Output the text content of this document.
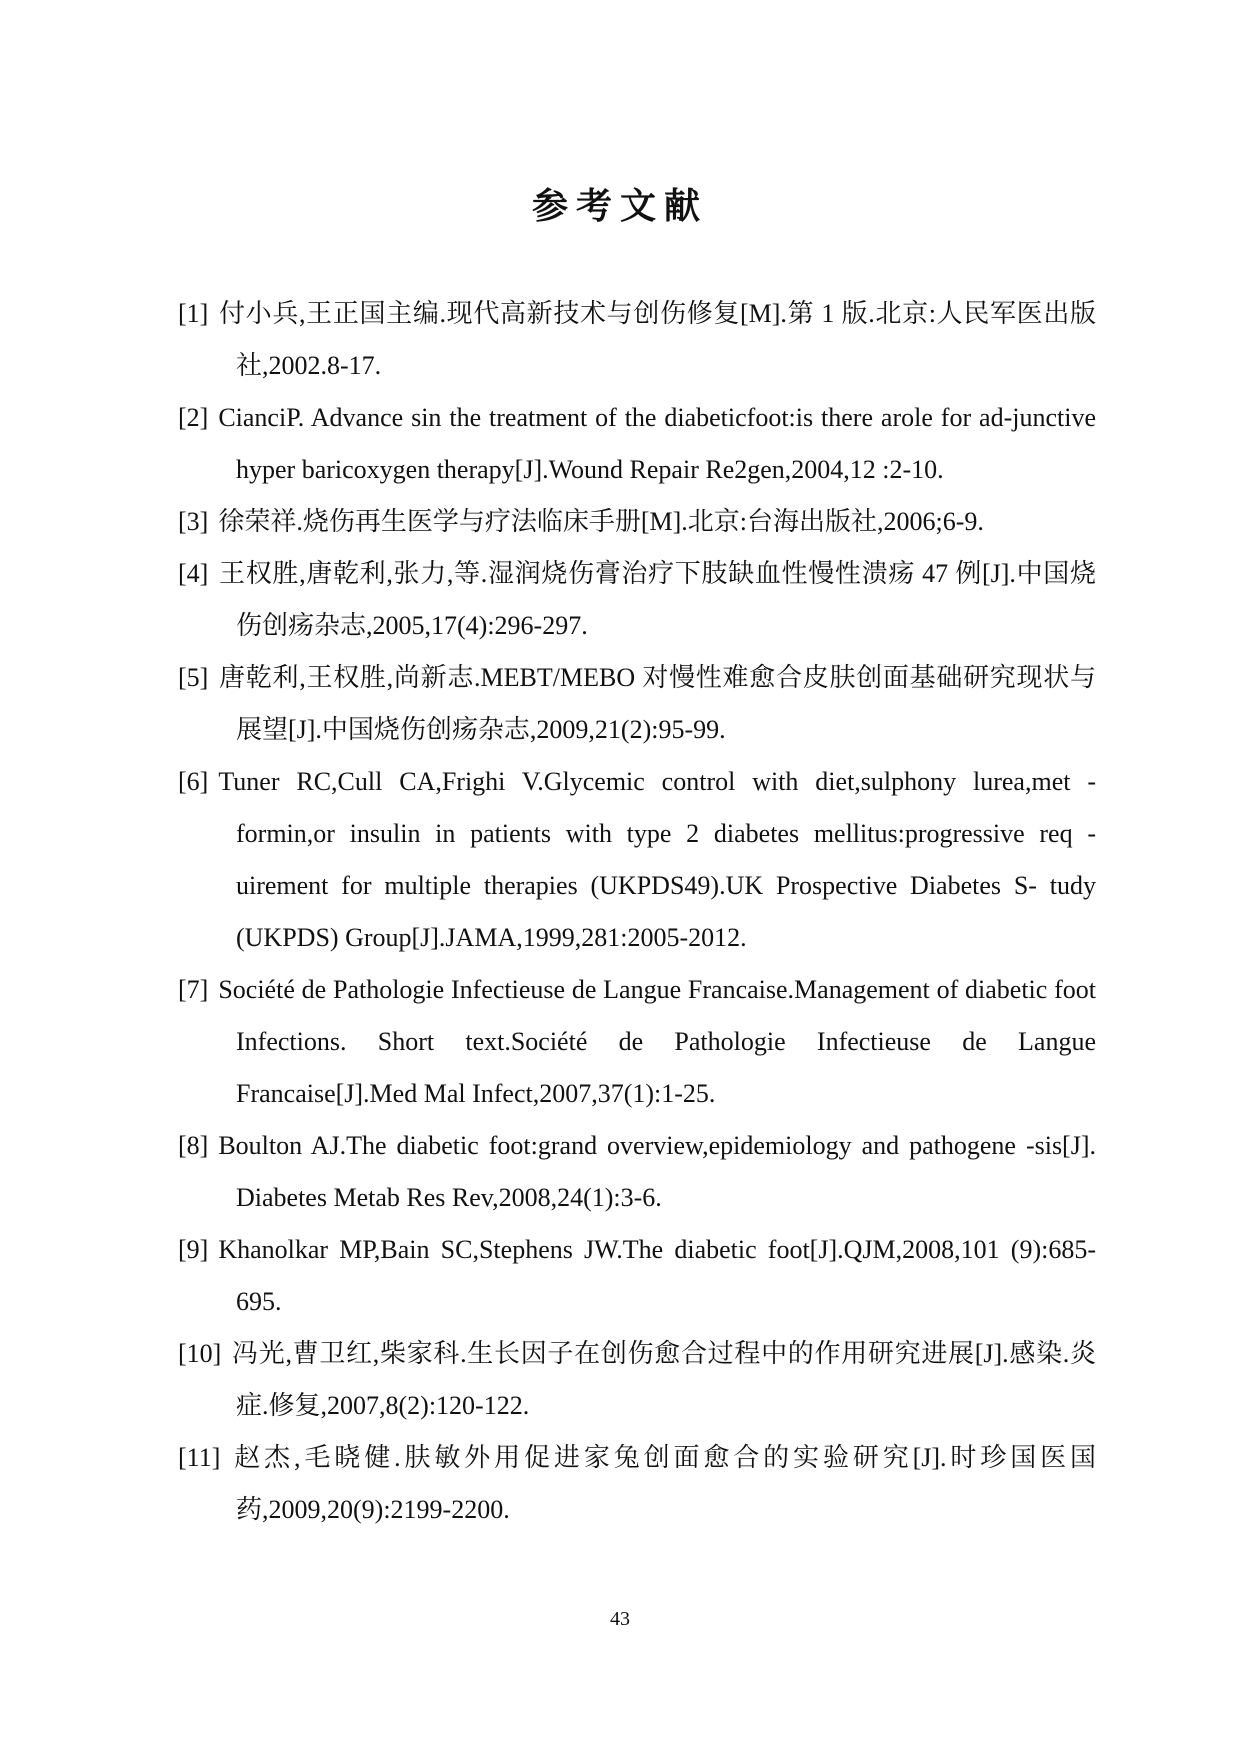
参考文献

[1] 付小兵,王正国主编.现代高新技术与创伤修复[M].第 1 版.北京:人民军医出版社,2002.8-17.

[2] CianciP. Advance sin the treatment of the diabeticfoot:is there arole for ad-junctive hyper baricoxygen therapy[J].Wound Repair Re2gen,2004,12 :2-10.

[3] 徐荣祥.烧伤再生医学与疗法临床手册[M].北京:台海出版社,2006;6-9.

[4] 王权胜,唐乾利,张力,等.湿润烧伤膏治疗下肢缺血性慢性溃疡 47 例[J].中国烧伤创疡杂志,2005,17(4):296-297.

[5] 唐乾利,王权胜,尚新志.MEBT/MEBO 对慢性难愈合皮肤创面基础研究现状与展望[J].中国烧伤创疡杂志,2009,21(2):95-99.

[6] Tuner RC,Cull CA,Frighi V.Glycemic control with diet,sulphony lurea,met -formin,or insulin in patients with type 2 diabetes mellitus:progressive req -uirement for multiple therapies (UKPDS49).UK Prospective Diabetes S- tudy (UKPDS) Group[J].JAMA,1999,281:2005-2012.

[7] Société de Pathologie Infectieuse de Langue Francaise.Management of diabetic foot Infections. Short text.Société de Pathologie Infectieuse de Langue Francaise[J].Med Mal Infect,2007,37(1):1-25.

[8] Boulton AJ.The diabetic foot:grand overview,epidemiology and pathogene -sis[J]. Diabetes Metab Res Rev,2008,24(1):3-6.

[9] Khanolkar MP,Bain SC,Stephens JW.The diabetic foot[J].QJM,2008,101 (9):685-695.

[10] 冯光,曹卫红,柴家科.生长因子在创伤愈合过程中的作用研究进展[J].感染.炎症.修复,2007,8(2):120-122.

[11] 赵杰,毛晓健.肤敏外用促进家兔创面愈合的实验研究[J].时珍国医国药,2009,20(9):2199-2200.

43
